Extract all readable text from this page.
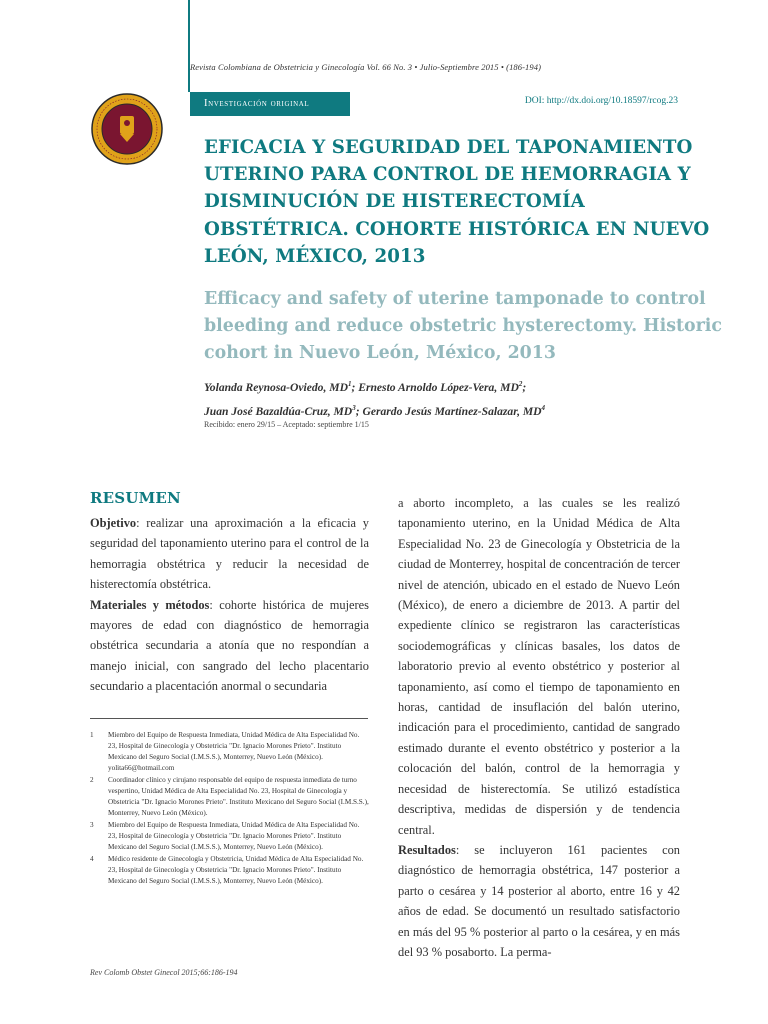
Revista Colombiana de Obstetricia y Ginecología Vol. 66 No. 3 • Julio-Septiembre 2015 • (186-194)
Investigación original	DOI: http://dx.doi.org/10.18597/rcog.23
EFICACIA Y SEGURIDAD DEL TAPONAMIENTO UTERINO PARA CONTROL DE HEMORRAGIA Y DISMINUCIÓN DE HISTERECTOMÍA OBSTÉTRICA. COHORTE HISTÓRICA EN NUEVO LEÓN, MÉXICO, 2013
Efficacy and safety of uterine tamponade to control bleeding and reduce obstetric hysterectomy. Historic cohort in Nuevo León, México, 2013
Yolanda Reynosa-Oviedo, $MD^1$; Ernesto Arnoldo López-Vera, $MD^2$;
Juan José Bazaldúa-Cruz, $MD^3$; Gerardo Jesús Martínez-Salazar, $MD^4$
Recibido: enero 29/15 – Aceptado: septiembre 1/15
RESUMEN

Objetivo: realizar una aproximación a la eficacia y seguridad del taponamiento uterino para el control de la hemorragia obstétrica y reducir la necesidad de histerectomía obstétrica.

Materiales y métodos: cohorte histórica de mujeres mayores de edad con diagnóstico de hemorragia obstétrica secundaria a atonía que no respondían a manejo inicial, con sangrado del lecho placentario secundario a placentación anormal o secundaria

a aborto incompleto, a las cuales se les realizó taponamiento uterino, en la Unidad Médica de Alta Especialidad No. 23 de Ginecología y Obstetricia de la ciudad de Monterrey, hospital de concentración de tercer nivel de atención, ubicado en el estado de Nuevo León (México), de enero a diciembre de 2013. A partir del expediente clínico se registraron las características sociodemográficas y clínicas basales, los datos de laboratorio previo al evento obstétrico y posterior al taponamiento, así como el tiempo de taponamiento en horas, cantidad de insuflación del balón uterino, indicación para el procedimiento, cantidad de sangrado estimado durante el evento obstétrico y posterior a la colocación del balón, control de la hemorragia y necesidad de histerectomía. Se utilizó estadística descriptiva, medidas de dispersión y de tendencia central.

Resultados: se incluyeron 161 pacientes con diagnóstico de hemorragia obstétrica, 147 posterior a parto o cesárea y 14 posterior al aborto, entre 16 y 42 años de edad. Se documentó un resultado satisfactorio en más del 95 % posterior al parto o la cesárea, y en más del 93 % posaborto. La perma-

1	Miembro del Equipo de Respuesta Inmediata, Unidad Médica de Alta Especialidad No. 23, Hospital de Ginecología y Obstetricia "Dr. Ignacio Morones Prieto". Instituto Mexicano del Seguro Social (I.M.S.S.), Monterrey, Nuevo León (México). yolita66@hotmail.com
2	Coordinador clínico y cirujano responsable del equipo de respuesta inmediata de turno vespertino, Unidad Médica de Alta Especialidad No. 23, Hospital de Ginecología y Obstetricia "Dr. Ignacio Morones Prieto". Instituto Mexicano del Seguro Social (I.M.S.S.), Monterrey, Nuevo León (México).
3	Miembro del Equipo de Respuesta Inmediata, Unidad Médica de Alta Especialidad No. 23, Hospital de Ginecología y Obstetricia "Dr. Ignacio Morones Prieto". Instituto Mexicano del Seguro Social (I.M.S.S.), Monterrey, Nuevo León (México).
4	Médico residente de Ginecología y Obstetricia, Unidad Médica de Alta Especialidad No. 23, Hospital de Ginecología y Obstetricia "Dr. Ignacio Morones Prieto". Instituto Mexicano del Seguro Social (I.M.S.S.), Monterrey, Nuevo León (México).
Rev Colomb Obstet Ginecol 2015;66:186-194
